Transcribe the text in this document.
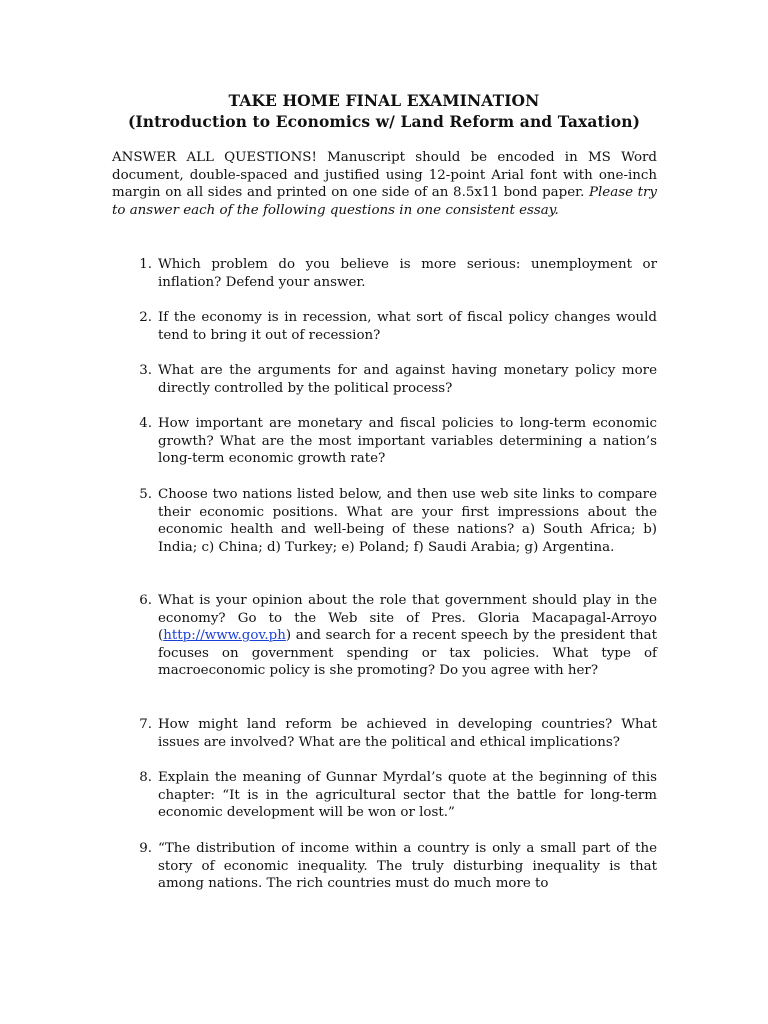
TAKE HOME FINAL EXAMINATION
(Introduction to Economics w/ Land Reform and Taxation)
ANSWER ALL QUESTIONS! Manuscript should be encoded in MS Word document, double-spaced and justified using 12-point Arial font with one-inch margin on all sides and printed on one side of an 8.5x11 bond paper. Please try to answer each of the following questions in one consistent essay.
1. Which problem do you believe is more serious: unemployment or inflation? Defend your answer.
2. If the economy is in recession, what sort of fiscal policy changes would tend to bring it out of recession?
3. What are the arguments for and against having monetary policy more directly controlled by the political process?
4. How important are monetary and fiscal policies to long-term economic growth? What are the most important variables determining a nation’s long-term economic growth rate?
5. Choose two nations listed below, and then use web site links to compare their economic positions. What are your first impressions about the economic health and well-being of these nations? a) South Africa; b) India; c) China; d) Turkey; e) Poland; f) Saudi Arabia; g) Argentina.
6. What is your opinion about the role that government should play in the economy? Go to the Web site of Pres. Gloria Macapagal-Arroyo (http://www.gov.ph) and search for a recent speech by the president that focuses on government spending or tax policies. What type of macroeconomic policy is she promoting? Do you agree with her?
7. How might land reform be achieved in developing countries? What issues are involved? What are the political and ethical implications?
8. Explain the meaning of Gunnar Myrdal’s quote at the beginning of this chapter: “It is in the agricultural sector that the battle for long-term economic development will be won or lost.”
9. “The distribution of income within a country is only a small part of the story of economic inequality. The truly disturbing inequality is that among nations. The rich countries must do much more to
